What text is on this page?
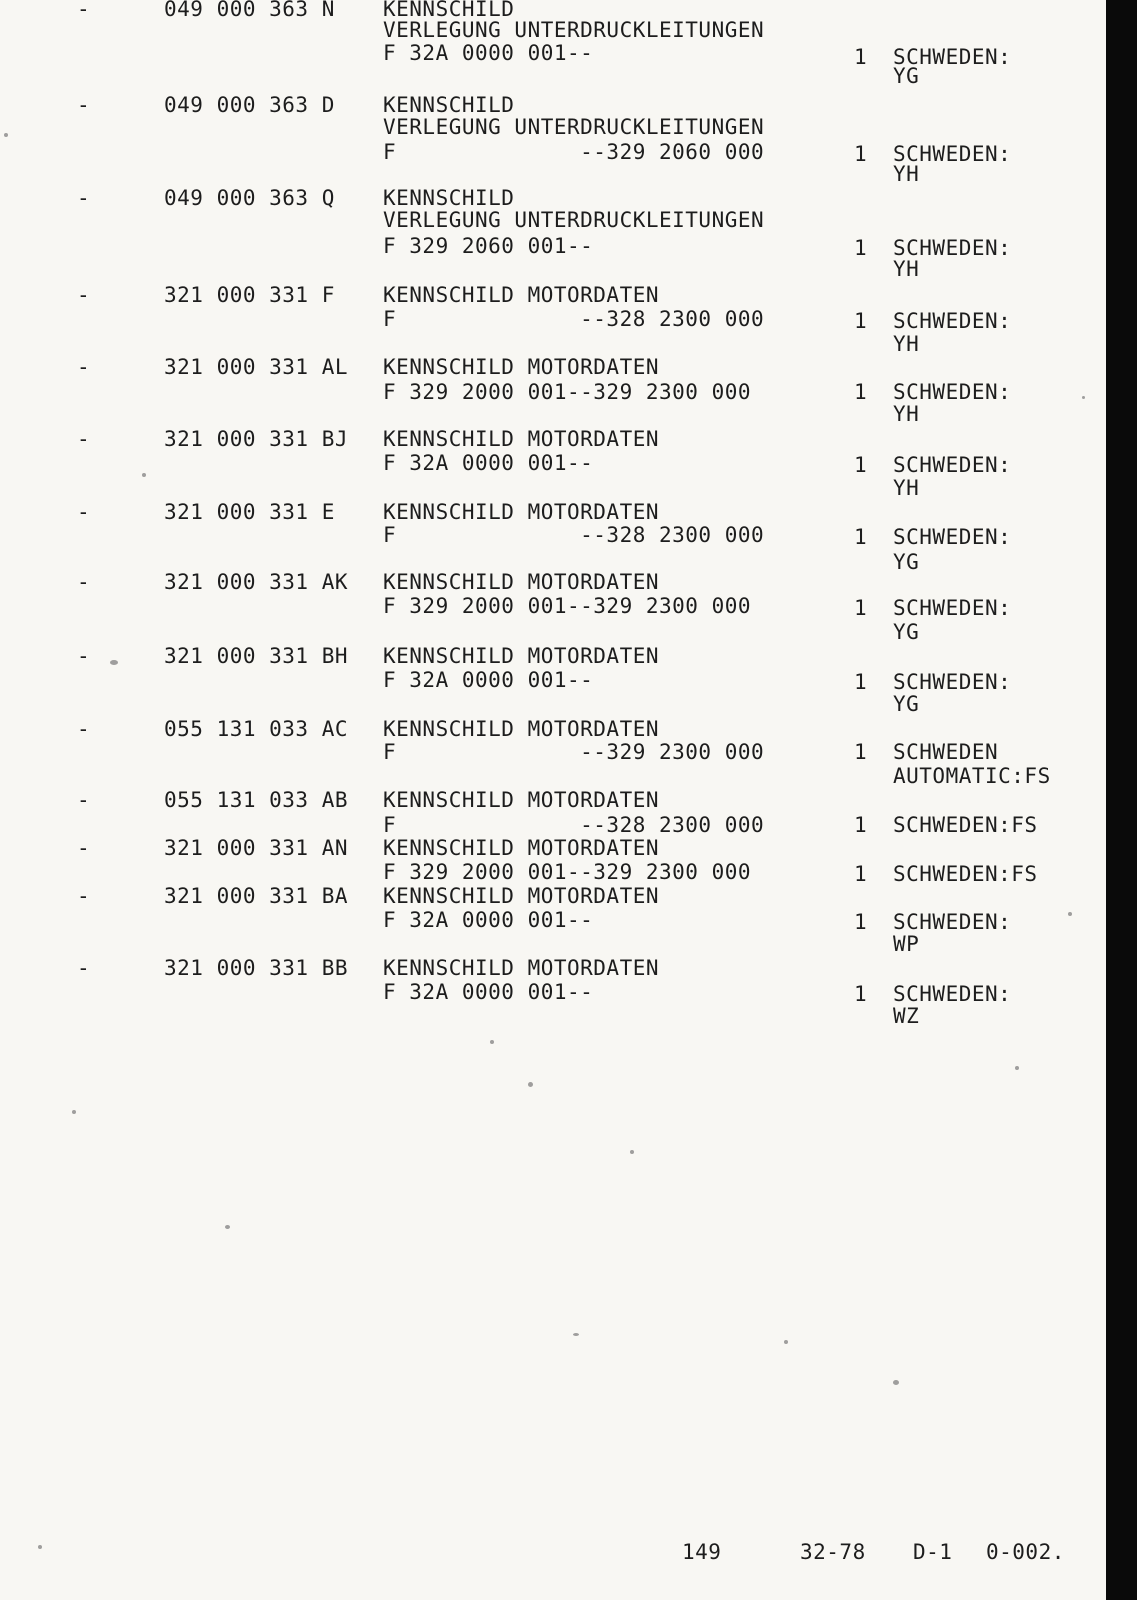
-	049 000 363 N KENNSCHILD
VERLEGUNG UNTERDRUCKLEITUNGEN
F 32A 0000 001--	1 SCHWEDEN:
YG
-	049 000 363 D KENNSCHILD
VERLEGUNG UNTERDRUCKLEITUNGEN
F              --329 2060 000	1 SCHWEDEN:
YH
-	049 000 363 Q KENNSCHILD
VERLEGUNG UNTERDRUCKLEITUNGEN
F 329 2060 001--	1 SCHWEDEN:
YH
-	321 000 331 F KENNSCHILD MOTORDATEN
F              --328 2300 000	1 SCHWEDEN:
YH
-	321 000 331 AL KENNSCHILD MOTORDATEN
F 329 2000 001--329 2300 000	1 SCHWEDEN:
YH
-	321 000 331 BJ KENNSCHILD MOTORDATEN
F 32A 0000 001--	1 SCHWEDEN:
YH
-	321 000 331 E KENNSCHILD MOTORDATEN
F              --328 2300 000	1 SCHWEDEN:
YG
-	321 000 331 AK KENNSCHILD MOTORDATEN
F 329 2000 001--329 2300 000	1 SCHWEDEN:
YG
-	321 000 331 BH KENNSCHILD MOTORDATEN
F 32A 0000 001--	1 SCHWEDEN:
YG
-	055 131 033 AC KENNSCHILD MOTORDATEN
F              --329 2300 000	1 SCHWEDEN
AUTOMATIC:FS
-	055 131 033 AB KENNSCHILD MOTORDATEN
F              --328 2300 000	1 SCHWEDEN:FS
-	321 000 331 AN KENNSCHILD MOTORDATEN
F 329 2000 001--329 2300 000	1 SCHWEDEN:FS
-	321 000 331 BA KENNSCHILD MOTORDATEN
F 32A 0000 001--	1 SCHWEDEN:
WP
-	321 000 331 BB KENNSCHILD MOTORDATEN
F 32A 0000 001--	1 SCHWEDEN:
WZ
149	32-78 D-1 0-002.
